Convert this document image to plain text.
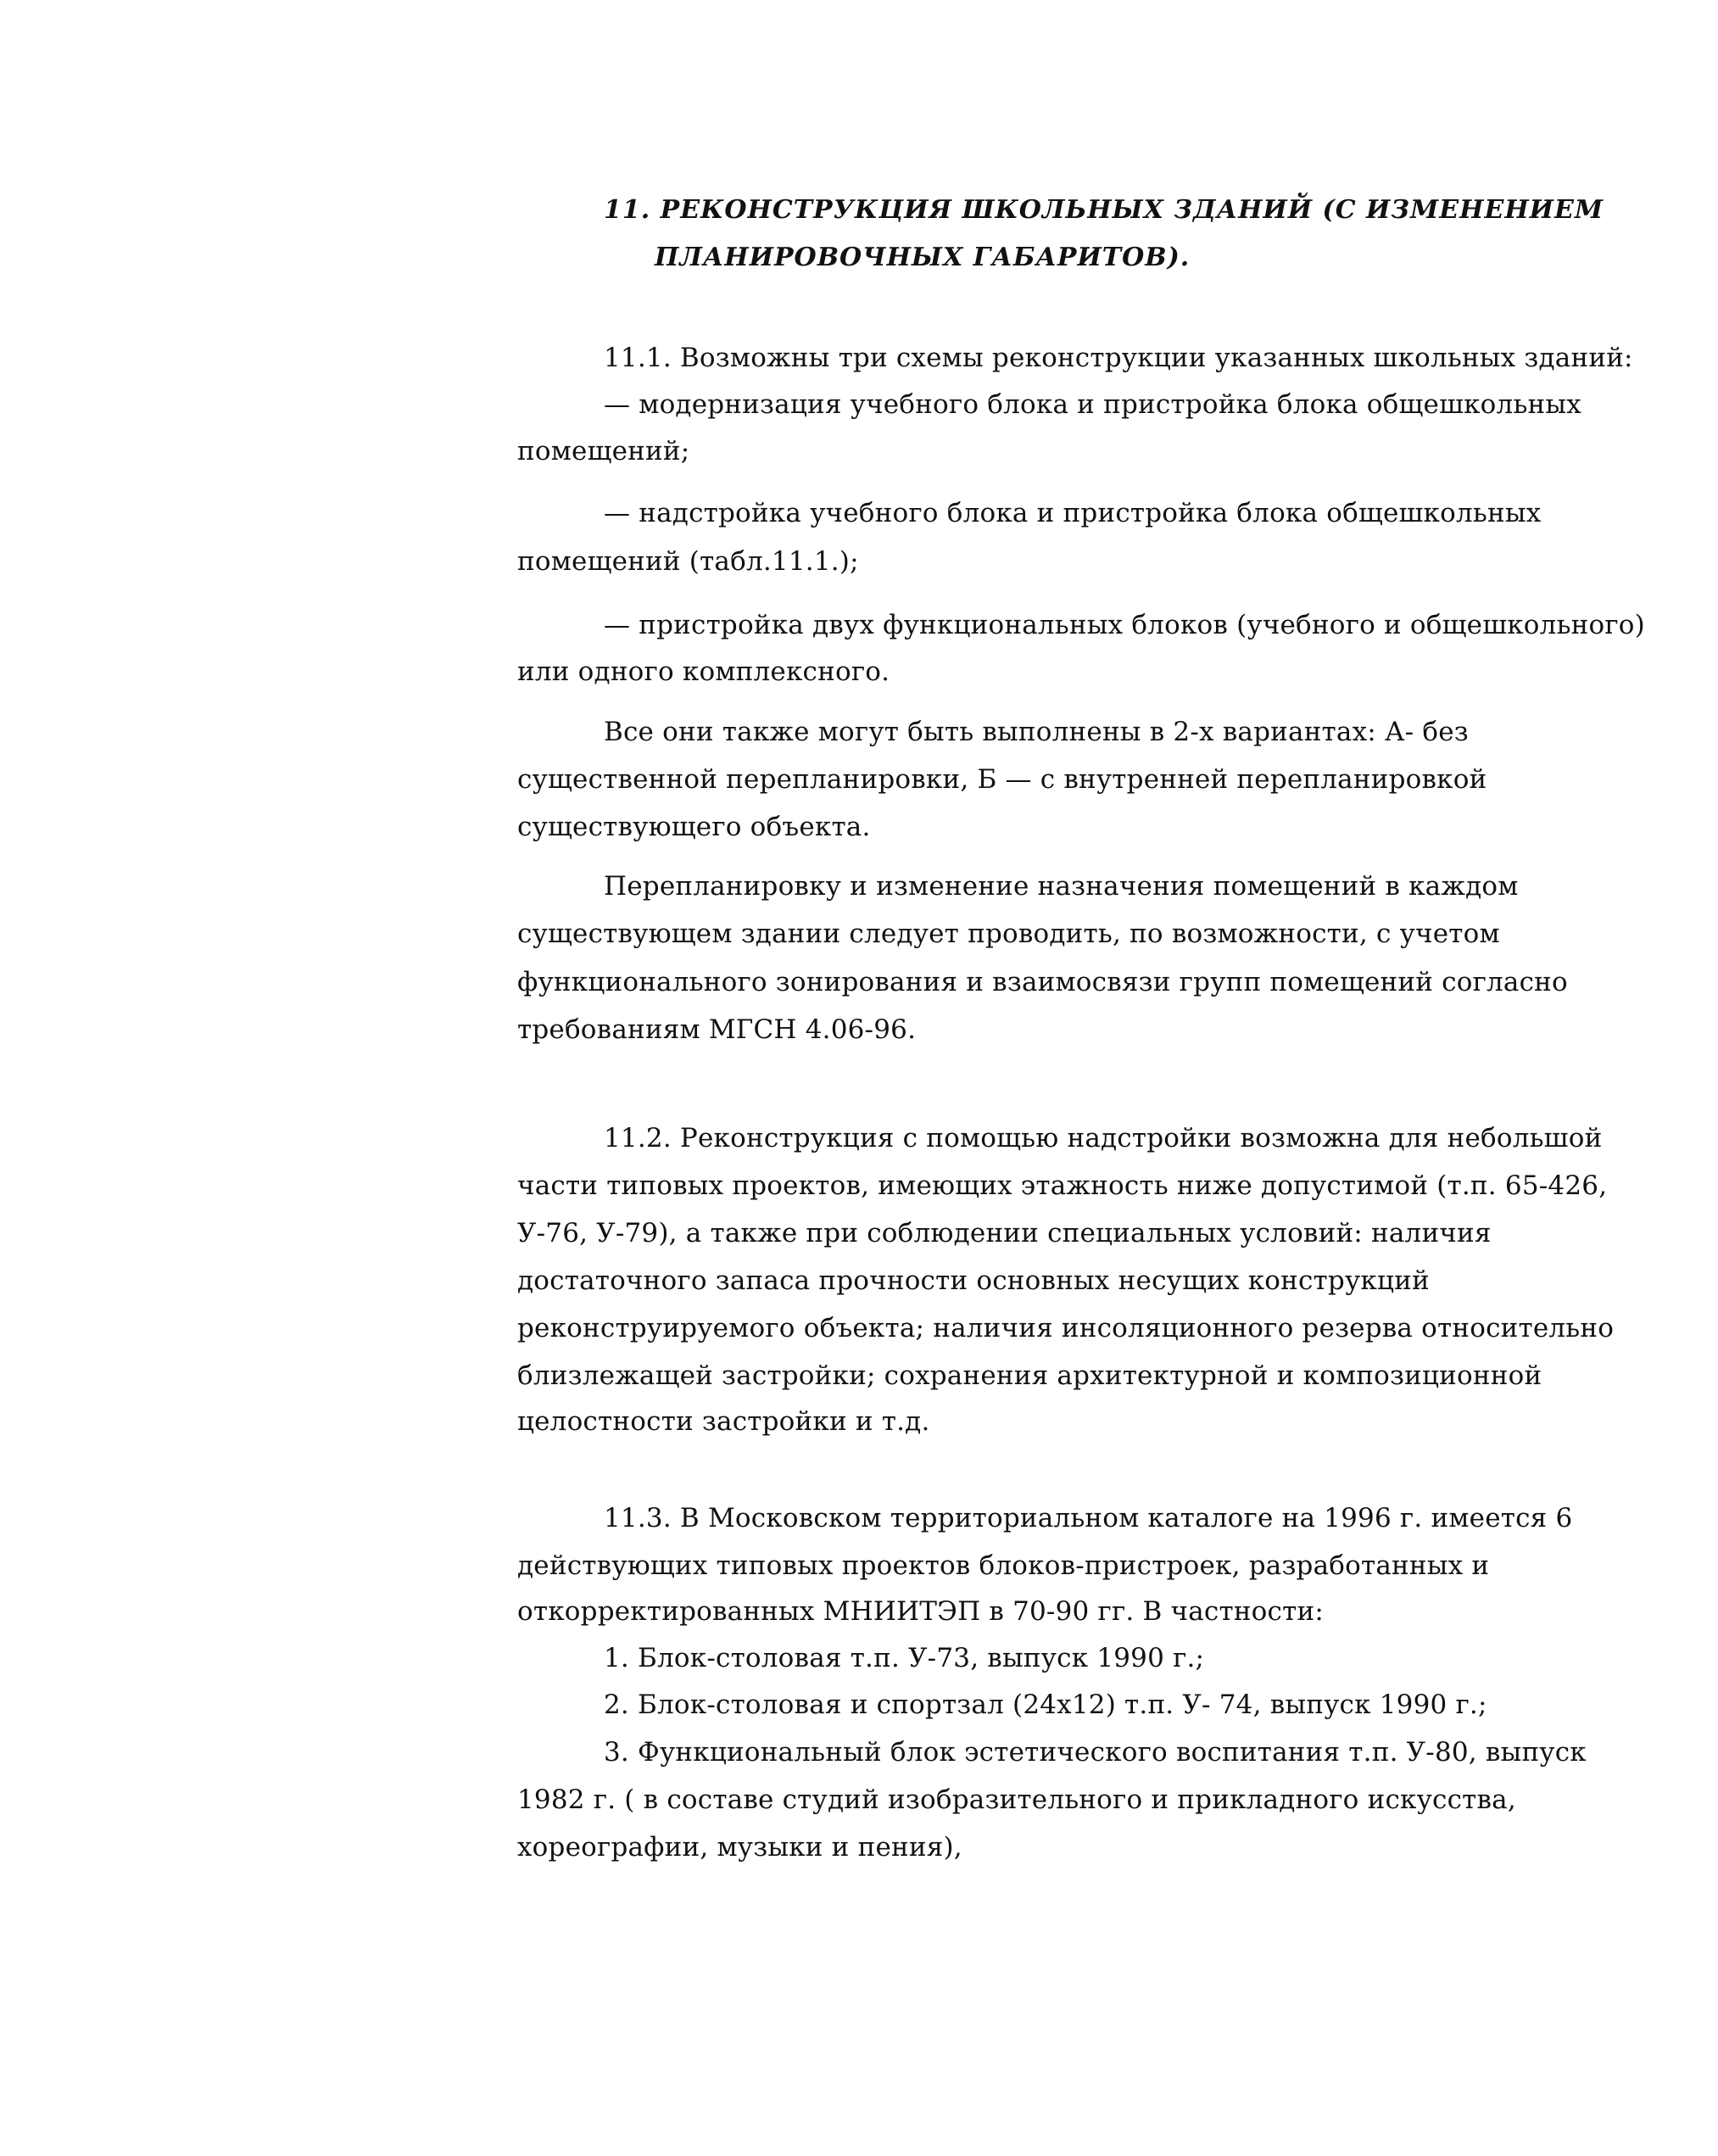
11. РЕКОНСТРУКЦИЯ ШКОЛЬНЫХ ЗДАНИЙ (С ИЗМЕНЕНИЕМ
ПЛАНИРОВОЧНЫХ ГАБАРИТОВ).
11.1. Возможны три схемы реконструкции указанных школьных зданий:
— модернизация учебного блока и пристройка блока общешкольных
помещений;
— надстройка учебного блока и пристройка блока общешкольных
помещений (табл.11.1.);
— пристройка двух функциональных блоков (учебного и общешкольного)
или одного комплексного.
Все они также могут быть выполнены в 2-х вариантах: А- без
существенной перепланировки, Б — с внутренней перепланировкой
существующего объекта.
Перепланировку и изменение назначения помещений в каждом
существующем здании следует проводить, по возможности, с учетом
функционального зонирования и взаимосвязи групп помещений согласно
требованиям МГСН 4.06-96.
11.2. Реконструкция с помощью надстройки возможна для небольшой
части типовых проектов, имеющих этажность ниже допустимой (т.п. 65-426,
У-76, У-79), а также при соблюдении специальных условий: наличия
достаточного запаса прочности основных несущих конструкций
реконструируемого объекта; наличия инсоляционного резерва относительно
близлежащей застройки; сохранения архитектурной и композиционной
целостности застройки и т.д.
11.3. В Московском территориальном каталоге на 1996 г. имеется 6
действующих типовых проектов блоков-пристроек, разработанных и
откорректированных МНИИТЭП в 70-90 гг. В частности:
1. Блок-столовая т.п. У-73, выпуск 1990 г.;
2. Блок-столовая и спортзал (24х12) т.п. У- 74, выпуск 1990 г.;
3. Функциональный блок эстетического воспитания т.п. У-80, выпуск
1982 г. ( в составе студий изобразительного и прикладного искусства,
хореографии, музыки и пения),
